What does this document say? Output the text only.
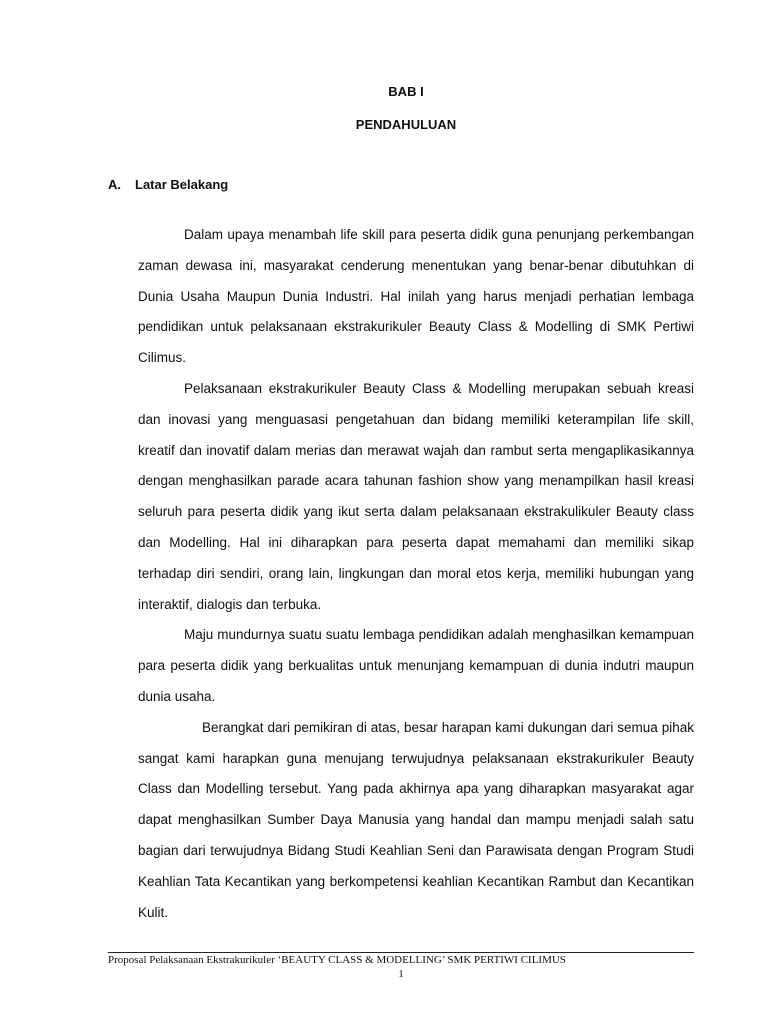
BAB I
PENDAHULUAN
A. Latar Belakang

Dalam upaya menambah life skill para peserta didik guna penunjang perkembangan zaman dewasa ini, masyarakat cenderung menentukan yang benar-benar dibutuhkan di Dunia Usaha Maupun Dunia Industri. Hal inilah yang harus menjadi perhatian lembaga pendidikan untuk pelaksanaan ekstrakurikuler Beauty Class & Modelling di SMK Pertiwi Cilimus.

Pelaksanaan ekstrakurikuler Beauty Class & Modelling merupakan sebuah kreasi dan inovasi yang menguasasi pengetahuan dan bidang memiliki keterampilan life skill, kreatif dan inovatif dalam merias dan merawat wajah dan rambut serta mengaplikasikannya dengan menghasilkan parade acara tahunan fashion show yang menampilkan hasil kreasi seluruh para peserta didik yang ikut serta dalam pelaksanaan ekstrakulikuler Beauty class dan Modelling. Hal ini diharapkan para peserta dapat memahami dan memiliki sikap terhadap diri sendiri, orang lain, lingkungan dan moral etos kerja, memiliki hubungan yang interaktif, dialogis dan terbuka.

Maju mundurnya suatu suatu lembaga pendidikan adalah menghasilkan kemampuan para peserta didik yang berkualitas untuk menunjang kemampuan di dunia indutri maupun dunia usaha.

Berangkat dari pemikiran di atas, besar harapan kami dukungan dari semua pihak sangat kami harapkan guna menujang terwujudnya pelaksanaan ekstrakurikuler Beauty Class dan Modelling tersebut. Yang pada akhirnya apa yang diharapkan masyarakat agar dapat menghasilkan Sumber Daya Manusia yang handal dan mampu menjadi salah satu bagian dari terwujudnya Bidang Studi Keahlian Seni dan Parawisata dengan Program Studi Keahlian Tata Kecantikan yang berkompetensi keahlian Kecantikan Rambut dan Kecantikan Kulit.

Proposal Pelaksanaan Ekstrakurikuler ‘BEAUTY CLASS & MODELLING’ SMK PERTIWI CILIMUS
1
